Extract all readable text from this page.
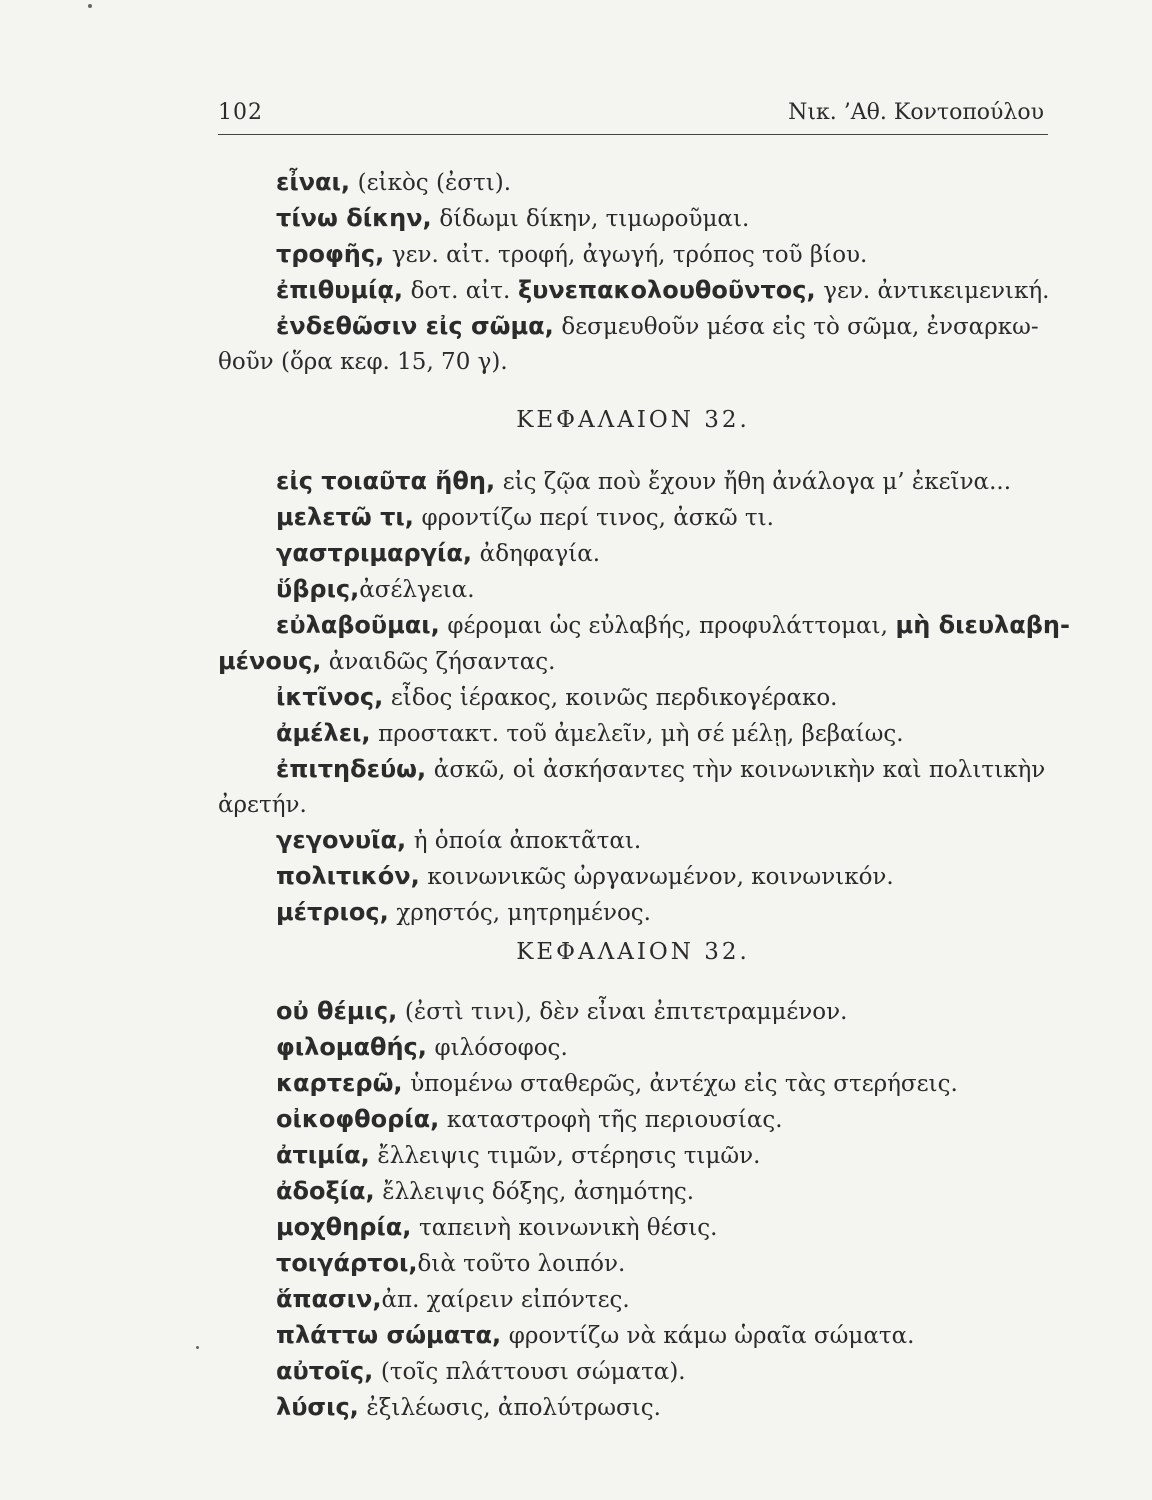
102	Νικ. ’Αθ. Κοντοπούλου
εἶναι, (εἰκὸς (ἐστι).
τίνω δίκην, δίδωμι δίκην, τιμωροῦμαι.
τροφῆς, γεν. αἰτ. τροφή, ἀγωγή, τρόπος τοῦ βίου.
ἐπιθυμίᾳ, δοτ. αἰτ. ξυνεπακολουθοῦντος, γεν. ἀντικειμενική.
ἐνδεθῶσιν εἰς σῶμα, δεσμευθοῦν μέσα εἰς τὸ σῶμα, ἐνσαρκω-
θοῦν (ὅρα κεφ. 15, 70 γ).
ΚΕΦΑΛΑΙΟΝ 32.
εἰς τοιαῦτα ἤθη, εἰς ζῷα ποὺ ἔχουν ἤθη ἀνάλογα μ’ ἐκεῖνα...
μελετῶ τι, φροντίζω περί τινος, ἀσκῶ τι.
γαστριμαργία, ἀδηφαγία.
ὕβρις,ἀσέλγεια.
εὐλαβοῦμαι, φέρομαι ὡς εὐλαβής, προφυλάττομαι, μὴ διευλαβη-
μένους, ἀναιδῶς ζήσαντας.
ἰκτῖνος, εἶδος ἱέρακος, κοινῶς περδικογέρακο.
ἀμέλει, προστακτ. τοῦ ἀμελεῖν, μὴ σέ μέλῃ, βεβαίως.
ἐπιτηδεύω, ἀσκῶ, οἱ ἀσκήσαντες τὴν κοινωνικὴν καὶ πολιτικὴν
ἀρετήν.
γεγονυῖα, ἡ ὁποία ἀποκτᾶται.
πολιτικόν, κοινωνικῶς ὠργανωμένον, κοινωνικόν.
μέτριος, χρηστός, μητρημένος.
ΚΕΦΑΛΑΙΟΝ 32.
οὐ θέμις, (ἐστὶ τινι), δὲν εἶναι ἐπιτετραμμένον.
φιλομαθής, φιλόσοφος.
καρτερῶ, ὑπομένω σταθερῶς, ἀντέχω εἰς τὰς στερήσεις.
οἰκοφθορία, καταστροφὴ τῆς περιουσίας.
ἀτιμία, ἔλλειψις τιμῶν, στέρησις τιμῶν.
ἀδοξία, ἔλλειψις δόξης, ἀσημότης.
μοχθηρία, ταπεινὴ κοινωνικὴ θέσις.
τοιγάρτοι,διὰ τοῦτο λοιπόν.
ἅπασιν,ἀπ. χαίρειν εἰπόντες.
πλάττω σώματα, φροντίζω νὰ κάμω ὡραῖα σώματα.
αὐτοῖς, (τοῖς πλάττουσι σώματα).
λύσις, ἐξιλέωσις, ἀπολύτρωσις.
